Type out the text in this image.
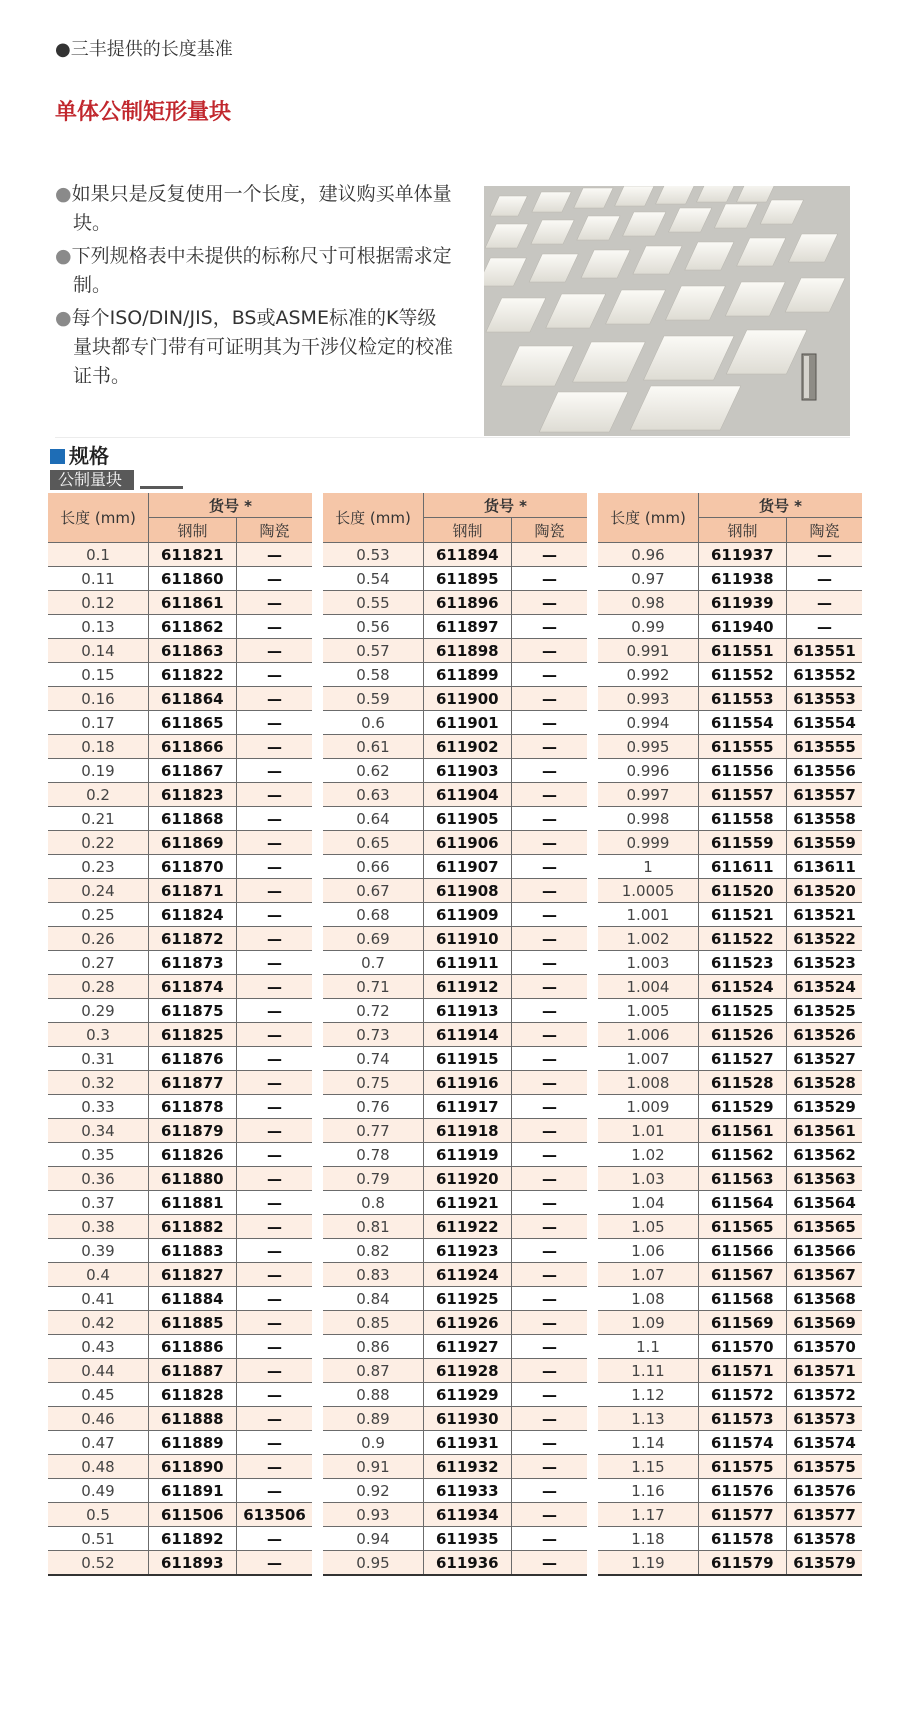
●三丰提供的长度基准
单体公制矩形量块
●如果只是反复使用一个长度，建议购买单体量块。
●下列规格表中未提供的标称尺寸可根据需求定制。
●每个ISO/DIN/JIS，BS或ASME标准的K等级量块都专门带有可证明其为干涉仪检定的校准证书。
规格
公制量块
长度 (mm)	货号 *	
	钢制	陶瓷
0.1	611821	—
0.11	611860	—
0.12	611861	—
0.13	611862	—
0.14	611863	—
0.15	611822	—
0.16	611864	—
0.17	611865	—
0.18	611866	—
0.19	611867	—
0.2	611823	—
0.21	611868	—
0.22	611869	—
0.23	611870	—
0.24	611871	—
0.25	611824	—
0.26	611872	—
0.27	611873	—
0.28	611874	—
0.29	611875	—
0.3	611825	—
0.31	611876	—
0.32	611877	—
0.33	611878	—
0.34	611879	—
0.35	611826	—
0.36	611880	—
0.37	611881	—
0.38	611882	—
0.39	611883	—
0.4	611827	—
0.41	611884	—
0.42	611885	—
0.43	611886	—
0.44	611887	—
0.45	611828	—
0.46	611888	—
0.47	611889	—
0.48	611890	—
0.49	611891	—
0.5	611506	613506
0.51	611892	—
0.52	611893	—
长度 (mm)	货号 *	
	钢制	陶瓷
0.53	611894	—
0.54	611895	—
0.55	611896	—
0.56	611897	—
0.57	611898	—
0.58	611899	—
0.59	611900	—
0.6	611901	—
0.61	611902	—
0.62	611903	—
0.63	611904	—
0.64	611905	—
0.65	611906	—
0.66	611907	—
0.67	611908	—
0.68	611909	—
0.69	611910	—
0.7	611911	—
0.71	611912	—
0.72	611913	—
0.73	611914	—
0.74	611915	—
0.75	611916	—
0.76	611917	—
0.77	611918	—
0.78	611919	—
0.79	611920	—
0.8	611921	—
0.81	611922	—
0.82	611923	—
0.83	611924	—
0.84	611925	—
0.85	611926	—
0.86	611927	—
0.87	611928	—
0.88	611929	—
0.89	611930	—
0.9	611931	—
0.91	611932	—
0.92	611933	—
0.93	611934	—
0.94	611935	—
0.95	611936	—
长度 (mm)	货号 *	
	钢制	陶瓷
0.96	611937	—
0.97	611938	—
0.98	611939	—
0.99	611940	—
0.991	611551	613551
0.992	611552	613552
0.993	611553	613553
0.994	611554	613554
0.995	611555	613555
0.996	611556	613556
0.997	611557	613557
0.998	611558	613558
0.999	611559	613559
1	611611	613611
1.0005	611520	613520
1.001	611521	613521
1.002	611522	613522
1.003	611523	613523
1.004	611524	613524
1.005	611525	613525
1.006	611526	613526
1.007	611527	613527
1.008	611528	613528
1.009	611529	613529
1.01	611561	613561
1.02	611562	613562
1.03	611563	613563
1.04	611564	613564
1.05	611565	613565
1.06	611566	613566
1.07	611567	613567
1.08	611568	613568
1.09	611569	613569
1.1	611570	613570
1.11	611571	613571
1.12	611572	613572
1.13	611573	613573
1.14	611574	613574
1.15	611575	613575
1.16	611576	613576
1.17	611577	613577
1.18	611578	613578
1.19	611579	613579
